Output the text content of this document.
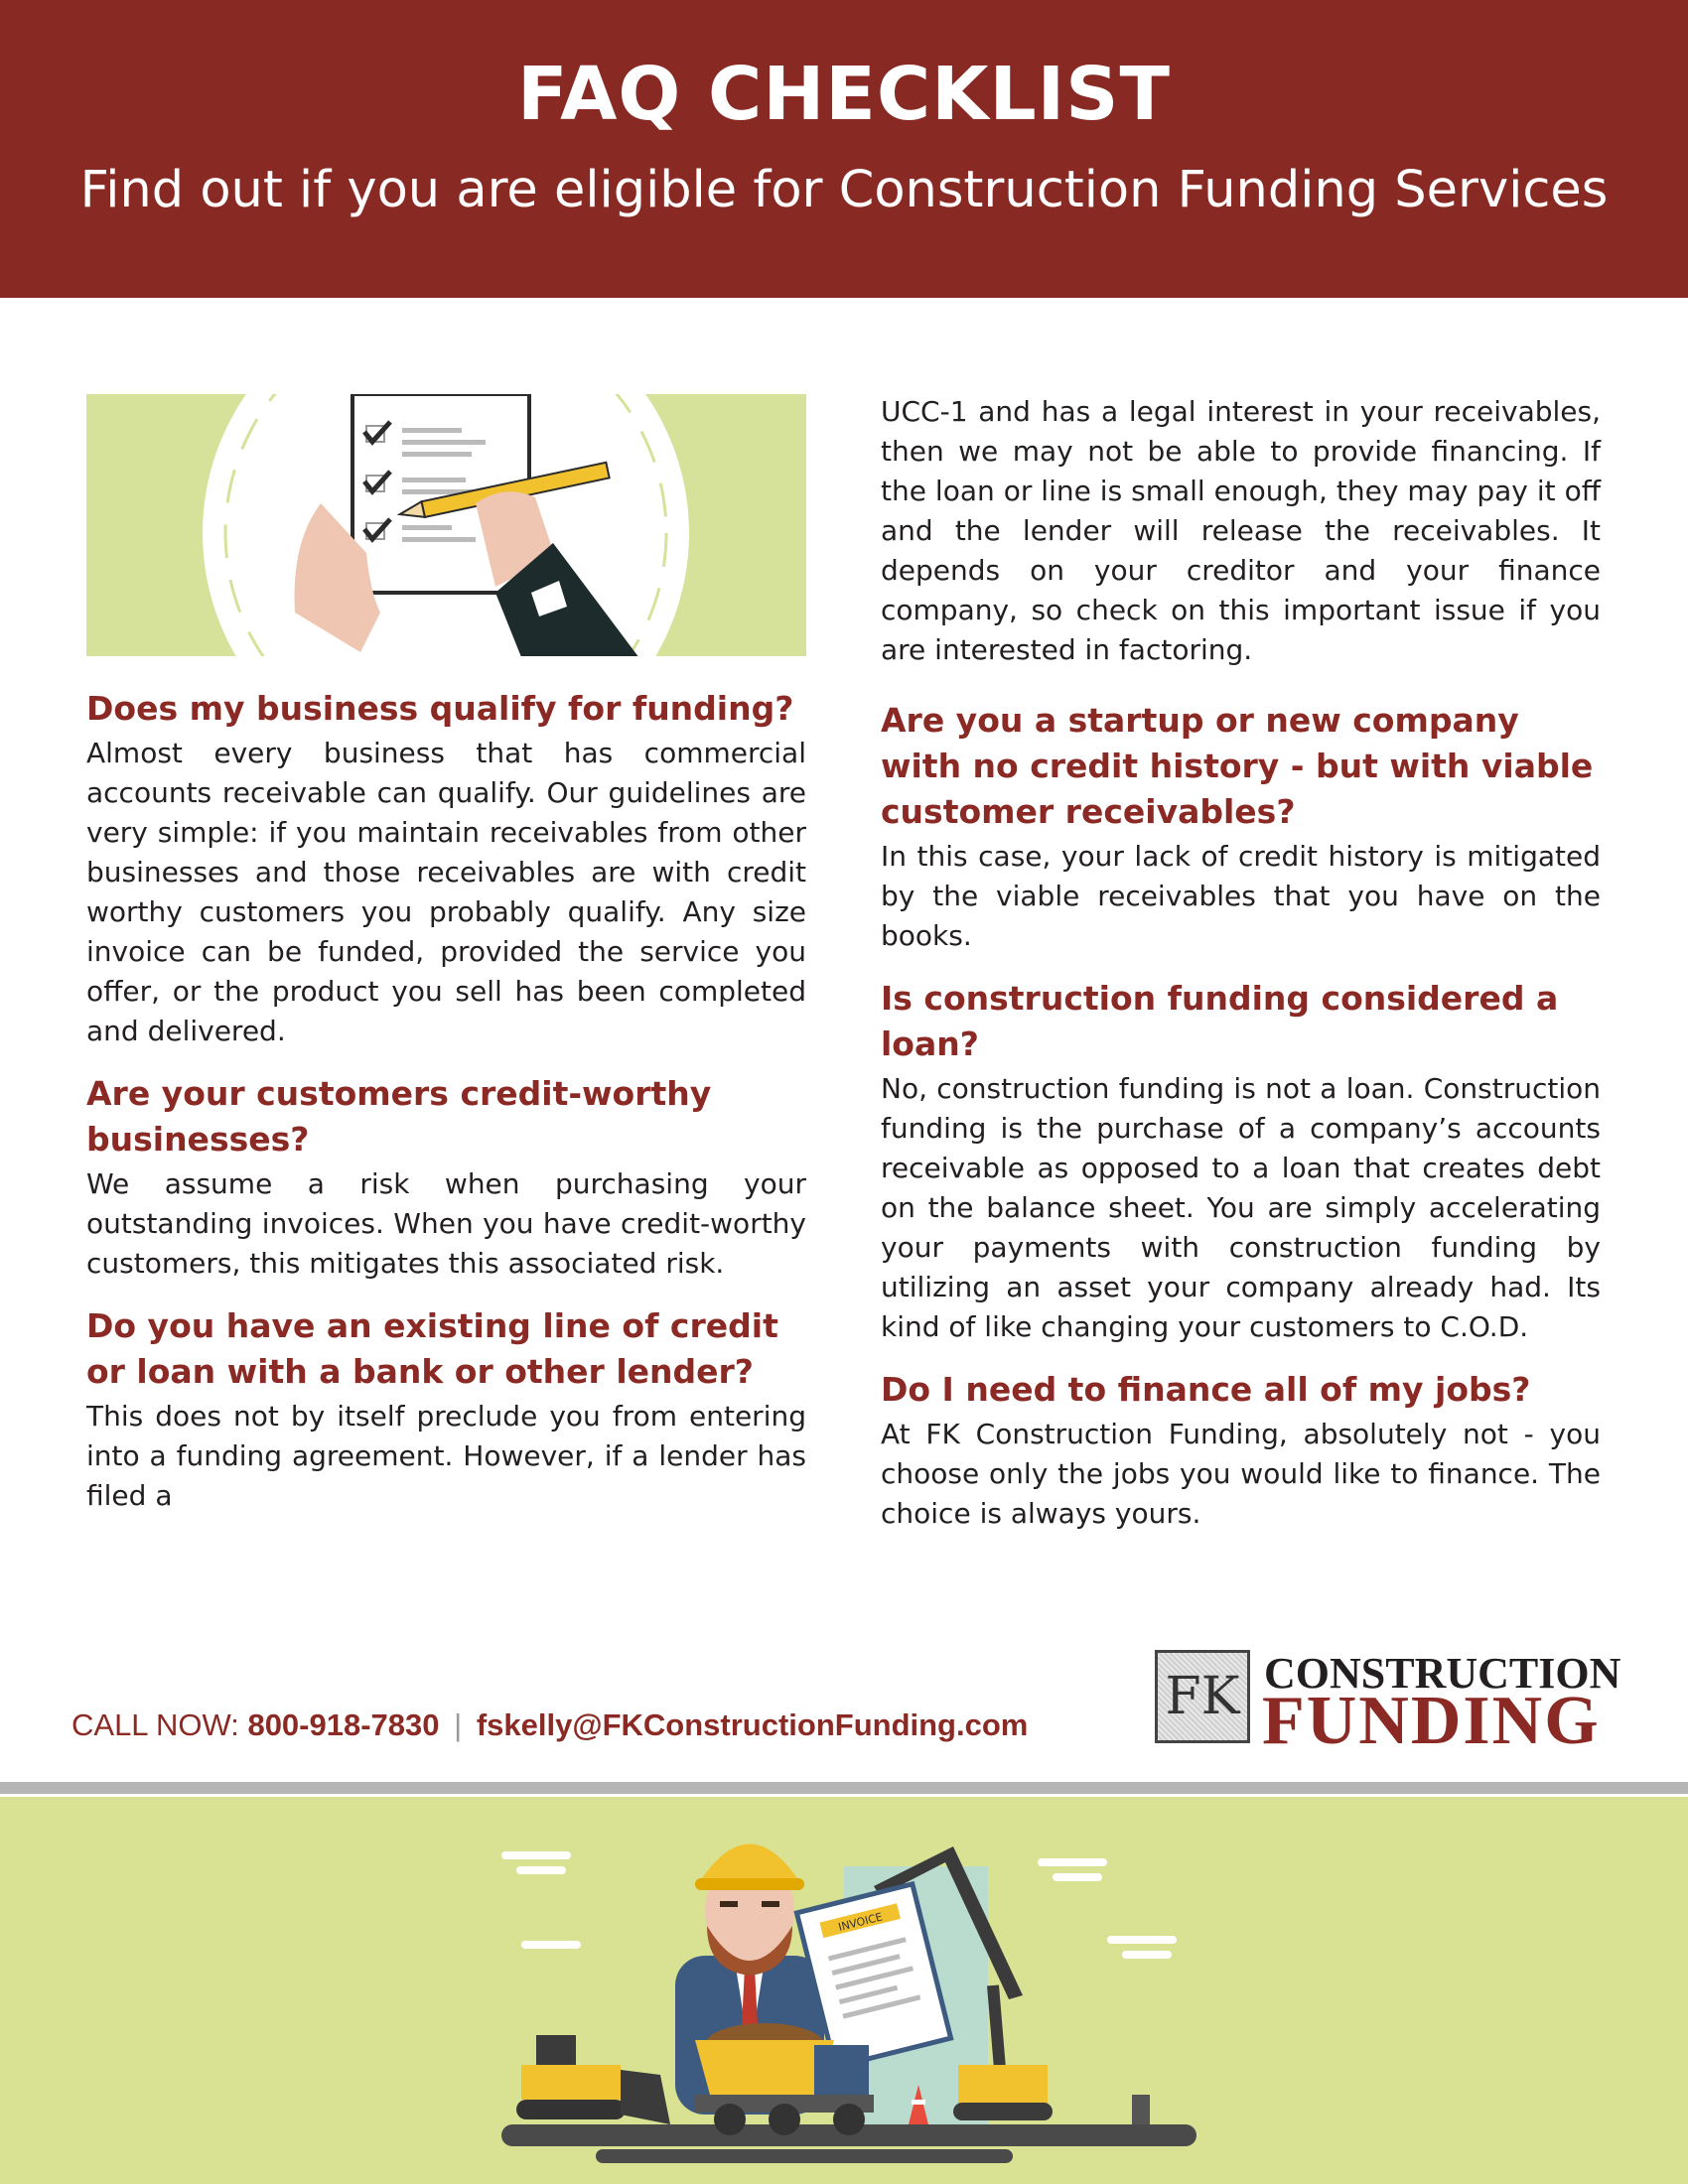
FAQ CHECKLIST
Find out if you are eligible for Construction Funding Services
Does my business qualify for funding?
Almost every business that has commercial accounts receivable can qualify. Our guidelines are very simple: if you maintain receivables from other businesses and those receivables are with credit worthy customers you probably qualify. Any size invoice can be funded, provided the service you offer, or the product you sell has been completed and delivered.
Are your customers credit-worthy businesses?
We assume a risk when purchasing your outstanding invoices. When you have credit-worthy customers, this mitigates this associated risk.
Do you have an existing line of credit or loan with a bank or other lender?
This does not by itself preclude you from entering into a funding agreement. However, if a lender has filed a
UCC-1 and has a legal interest in your receivables, then we may not be able to provide financing. If the loan or line is small enough, they may pay it off and the lender will release the receivables. It depends on your creditor and your finance company, so check on this important issue if you are interested in factoring.
Are you a startup or new company with no credit history - but with viable customer receivables?
In this case, your lack of credit history is mitigated by the viable receivables that you have on the books.
Is construction funding considered a loan?
No, construction funding is not a loan. Construction funding is the purchase of a company’s accounts receivable as opposed to a loan that creates debt on the balance sheet. You are simply accelerating your payments with construction funding by utilizing an asset your company already had. Its kind of like changing your customers to C.O.D.
Do I need to finance all of my jobs?
At FK Construction Funding, absolutely not - you choose only the jobs you would like to finance. The choice is always yours.
CALL NOW: 800-918-7830 | fskelly@FKConstructionFunding.com	FK CONSTRUCTION
FUNDING
INVOICE
